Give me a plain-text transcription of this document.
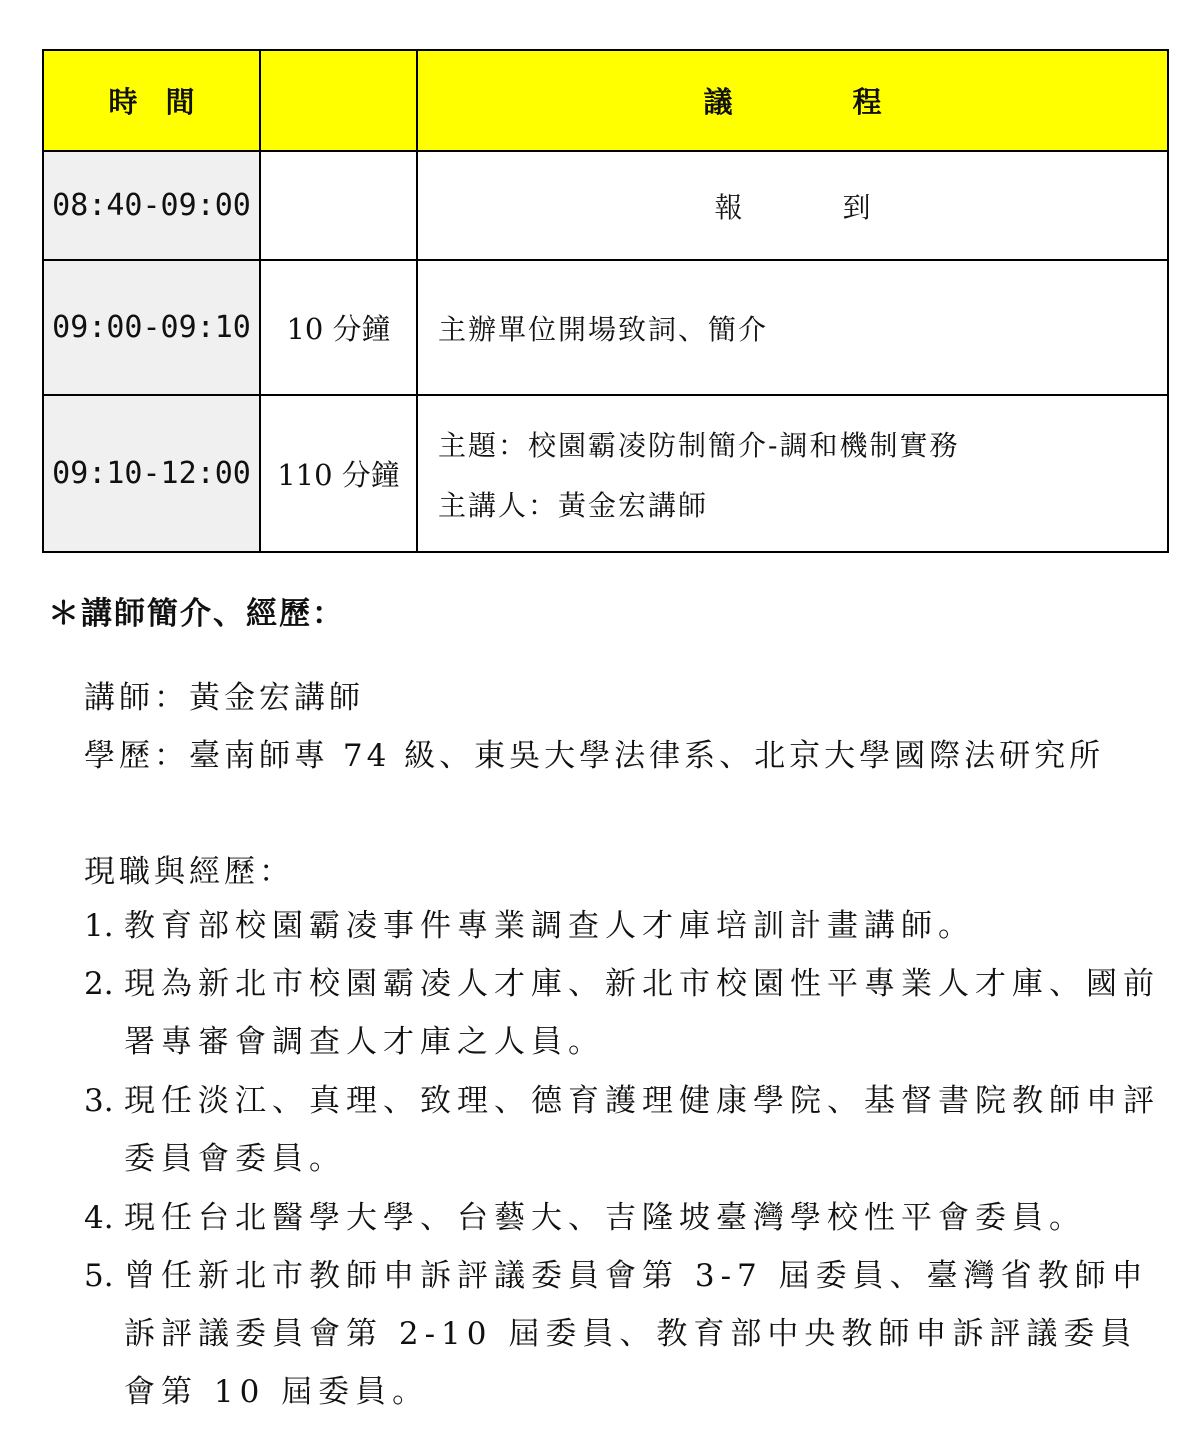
時間		議程
08:40-09:00		報到

09:00-09:10	10 分鐘	主辦單位開場致詞、簡介

09:10-12:00	110 分鐘	主題：校園霸凌防制簡介-調和機制實務
主講人：黃金宏講師
＊講師簡介、經歷：
講師：黃金宏講師
學歷：臺南師專 74 級、東吳大學法律系、北京大學國際法研究所
現職與經歷：
1. 教育部校園霸凌事件專業調查人才庫培訓計畫講師。
2. 現為新北市校園霸凌人才庫、新北市校園性平專業人才庫、國前署專審會調查人才庫之人員。
3. 現任淡江、真理、致理、德育護理健康學院、基督書院教師申評委員會委員。
4. 現任台北醫學大學、台藝大、吉隆坡臺灣學校性平會委員。
5. 曾任新北市教師申訴評議委員會第 3-7 屆委員、臺灣省教師申訴評議委員會第 2-10 屆委員、教育部中央教師申訴評議委員會第 10 屆委員。
